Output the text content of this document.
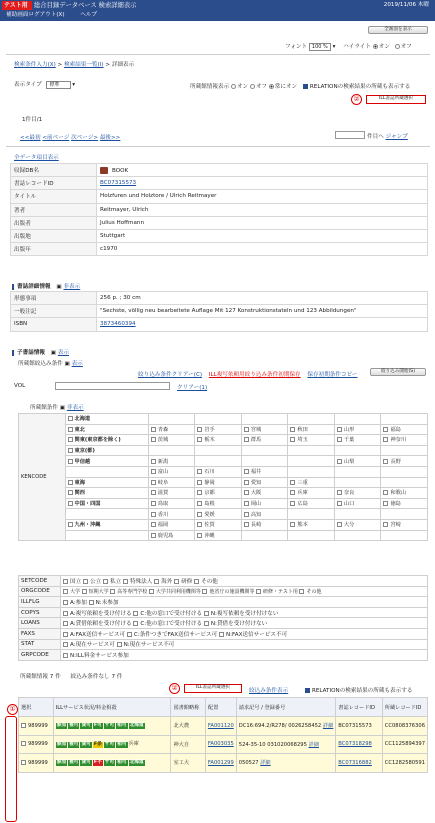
テスト用 総合目録データベース 検索詳細表示	2019/11/06 木曜
補助画面ログアウト(X)	ヘルプ
全画面を表示
フォント 100 % ▾ ハイライト オン オフ
検索条件入力(X) > 検索結果一覧(I) > 詳細表示
表示タイプ 標準 ▾	所蔵館情報表示 オン オフ 常にオン RELATIONの検索結果の所蔵も表示する
②	ILL書誌所蔵選択
1件目/1
<<最初 <前ページ 次ページ> 最後>>	件目へ ジャンプ
全データ項目表示
収録DB名	BOOK
書誌レコードID	BC07315573
タイトル	Holzfuren und Holztore / Ulrich Reitmayer
著者	Reitmayer, Ulrich
出版者	Julius Hoffmann
出版地	Stuttgart
出版年	c1970
書誌詳細情報 ▣ 非表示
形態事項	256 p. ; 30 cm
一般注記	"Sechste, völlig neu bearbeitete Auflage Mit 127 Konstruktionstateln und 123 Abbildungen"
ISBN	3873460394
子書誌情報 ▣ 表示
所蔵館絞込み条件 ▣ 表示
絞り込み条件クリアー(C) ILL複写依頼用絞り込み条件初期保存 保存初期条件コピー
絞り込み開始(S)
VOL	クリアー(1)
所蔵館条件 ▣ 非表示
KENCODE	北海道						
	東北	青森	岩手	宮城	秋田	山形	福島
	関東(東京都を除く)	茨城	栃木	群馬	埼玉	千葉	神奈川
	東京(都)						
	甲信越	新潟				山梨	長野
		富山	石川	福井			
	東海	岐阜	静岡	愛知	三重		
	関西	滋賀	京都	大阪	兵庫	奈良	和歌山
	中国・四国	鳥取	島根	岡山	広島	山口	徳島
		香川	愛媛	高知			
	九州・沖縄	福岡	佐賀	長崎	熊本	大分	宮崎
		鹿児島	沖縄				
SETCODE	国立 公立 私立 特殊法人 海外 研修 その他
ORGCODE	大学 短期大学 高等専門学校 大学共同利用機関等 他省庁の施設機関等 研修・テスト用 その他
ILLFLG	A:参加 N:未参加
COPYS	A:複写依頼を受け付ける C:他の窓口で受け付ける N:複写依頼を受け付けない
LOANS	A:貸借依頼を受け付ける C:他の窓口で受け付ける N:貸借を受け付けない
FAXS	A:FAX送信サービス可 C:条件つきでFAX送信サービス可 N:FAX送信サービス不可
STAT	A:現在サービス可 N:現在サービス不可
GRPCODE	N:ILL料金サービス参加
所蔵館情報 7 件 絞込み条件なし 7 件
②	ILL書誌所蔵選択
絞込み条件表示	RELATIONの検索結果の所蔵も表示する
①	選択	ILLサービス状況/料金相殺	図書館略称	配置	請求記号 / 登録番号	書誌レコードID	所蔵レコードID
989999	参加 複可 貸可 F可 サ可 相可 北海道	北大農	FA001120	DC16:694.2/R278/ 0026258452 詳細	BC07315573	CC0808376306
989999	参加 複可 貸可 F条 サ可 相可 兵庫	神大自	FA003035	524-35-10 031020068295 詳細	BC07318298	CC1125894397
989999	参加 複可 貸可 F不 サ可 相可 北海道	室工大	FA001299	050527 詳細	BC07316882	CC1282580591
